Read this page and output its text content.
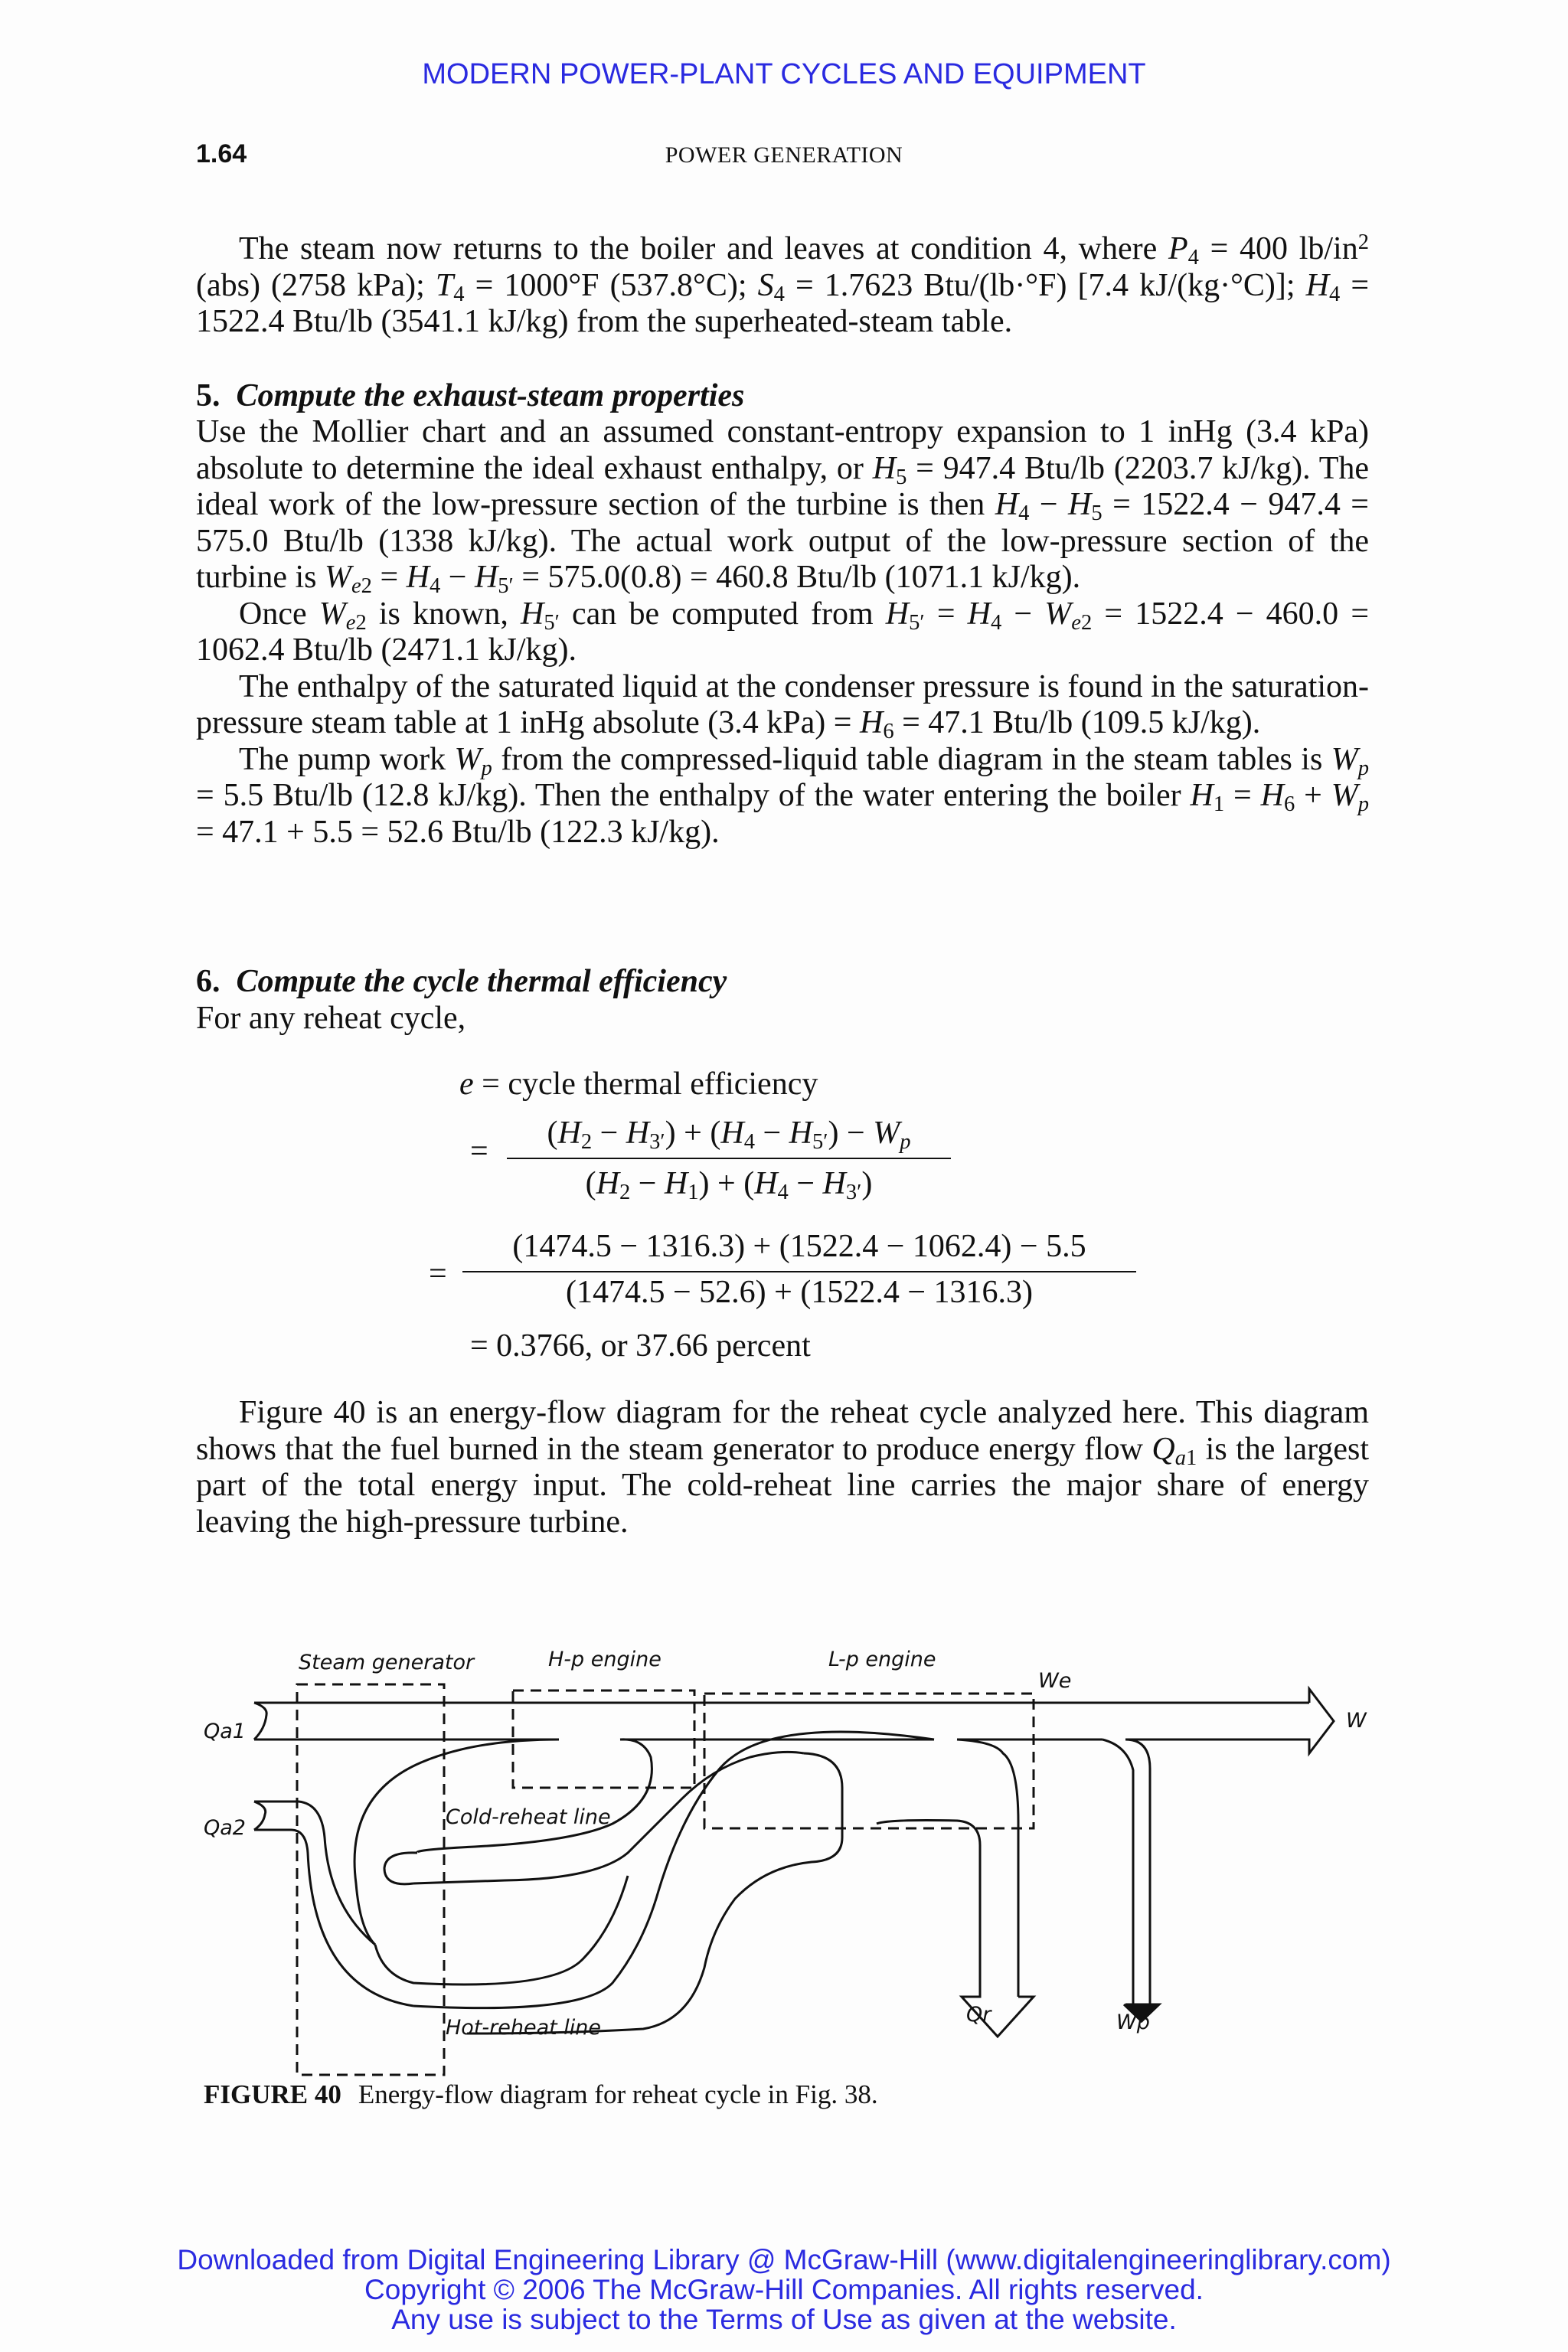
MODERN POWER-PLANT CYCLES AND EQUIPMENT
1.64	POWER GENERATION

The steam now returns to the boiler and leaves at condition 4, where $P_4 = 400$ $lb/in^2$ (abs) (2758 kPa); $T_4 = 1000^\circ F$ (537.8°C); $S_4 = 1.7623$ Btu/(lb·°F) [7.4 kJ/(kg·°C)]; $H_4 = 1522.4$ Btu/lb (3541.1 kJ/kg) from the superheated-steam table.

5. Compute the exhaust-steam properties

Use the Mollier chart and an assumed constant-entropy expansion to 1 inHg (3.4 kPa) absolute to determine the ideal exhaust enthalpy, or $H_5 = 947.4$ Btu/lb (2203.7 kJ/kg). The ideal work of the low-pressure section of the turbine is then $H_4 - H_5 = 1522.4 - 947.4 = 575.0$ Btu/lb (1338 kJ/kg). The actual work output of the low-pressure section of the turbine is $W_{e2} = H_4 - H_{5'} = 575.0(0.8) = 460.8$ Btu/lb (1071.1 kJ/kg).

Once $W_{e2}$ is known, $H_{5'}$ can be computed from $H_{5'} = H_4 - W_{e2} = 1522.4 - 460.0 = 1062.4$ Btu/lb (2471.1 kJ/kg).

The enthalpy of the saturated liquid at the condenser pressure is found in the saturation-pressure steam table at 1 inHg absolute (3.4 $kPa) = H_6 = 47.1$ Btu/lb (109.5 kJ/kg).

The pump work $W_p$ from the compressed-liquid table diagram in the steam tables is $W_p = 5.5$ Btu/lb (12.8 kJ/kg). Then the enthalpy of the water entering the boiler $H_1 = H_6 + W_p = 47.1 + 5.5 = 52.6$ Btu/lb (122.3 kJ/kg).

6. Compute the cycle thermal efficiency
For any reheat cycle,
e = cycle thermal efficiency
=
$(H_2 - H_{3'}) + (H_4 - H_{5'}) - W_p$
$(H_2 - H_1) + (H_4 - H_{3'})$
=
(1474.5 − 1316.3) + (1522.4 − 1062.4) − 5.5
(1474.5 − 52.6) + (1522.4 − 1316.3)
= 0.3766, or 37.66 percent

Figure 40 is an energy-flow diagram for the reheat cycle analyzed here. This diagram shows that the fuel burned in the steam generator to produce energy flow $Q_{a1}$ is the largest part of the total energy input. The cold-reheat line carries the major share of energy leaving the high-pressure turbine.

Steam generator	H-p engine	L-p engine
We
W
Qa1
Qa2	Cold-reheat line
Hot-reheat line
Qr	Wp
FIGURE 40 Energy-flow diagram for reheat cycle in Fig. 38.
Downloaded from Digital Engineering Library @ McGraw-Hill (www.digitalengineeringlibrary.com)
Copyright © 2006 The McGraw-Hill Companies. All rights reserved.
Any use is subject to the Terms of Use as given at the website.
